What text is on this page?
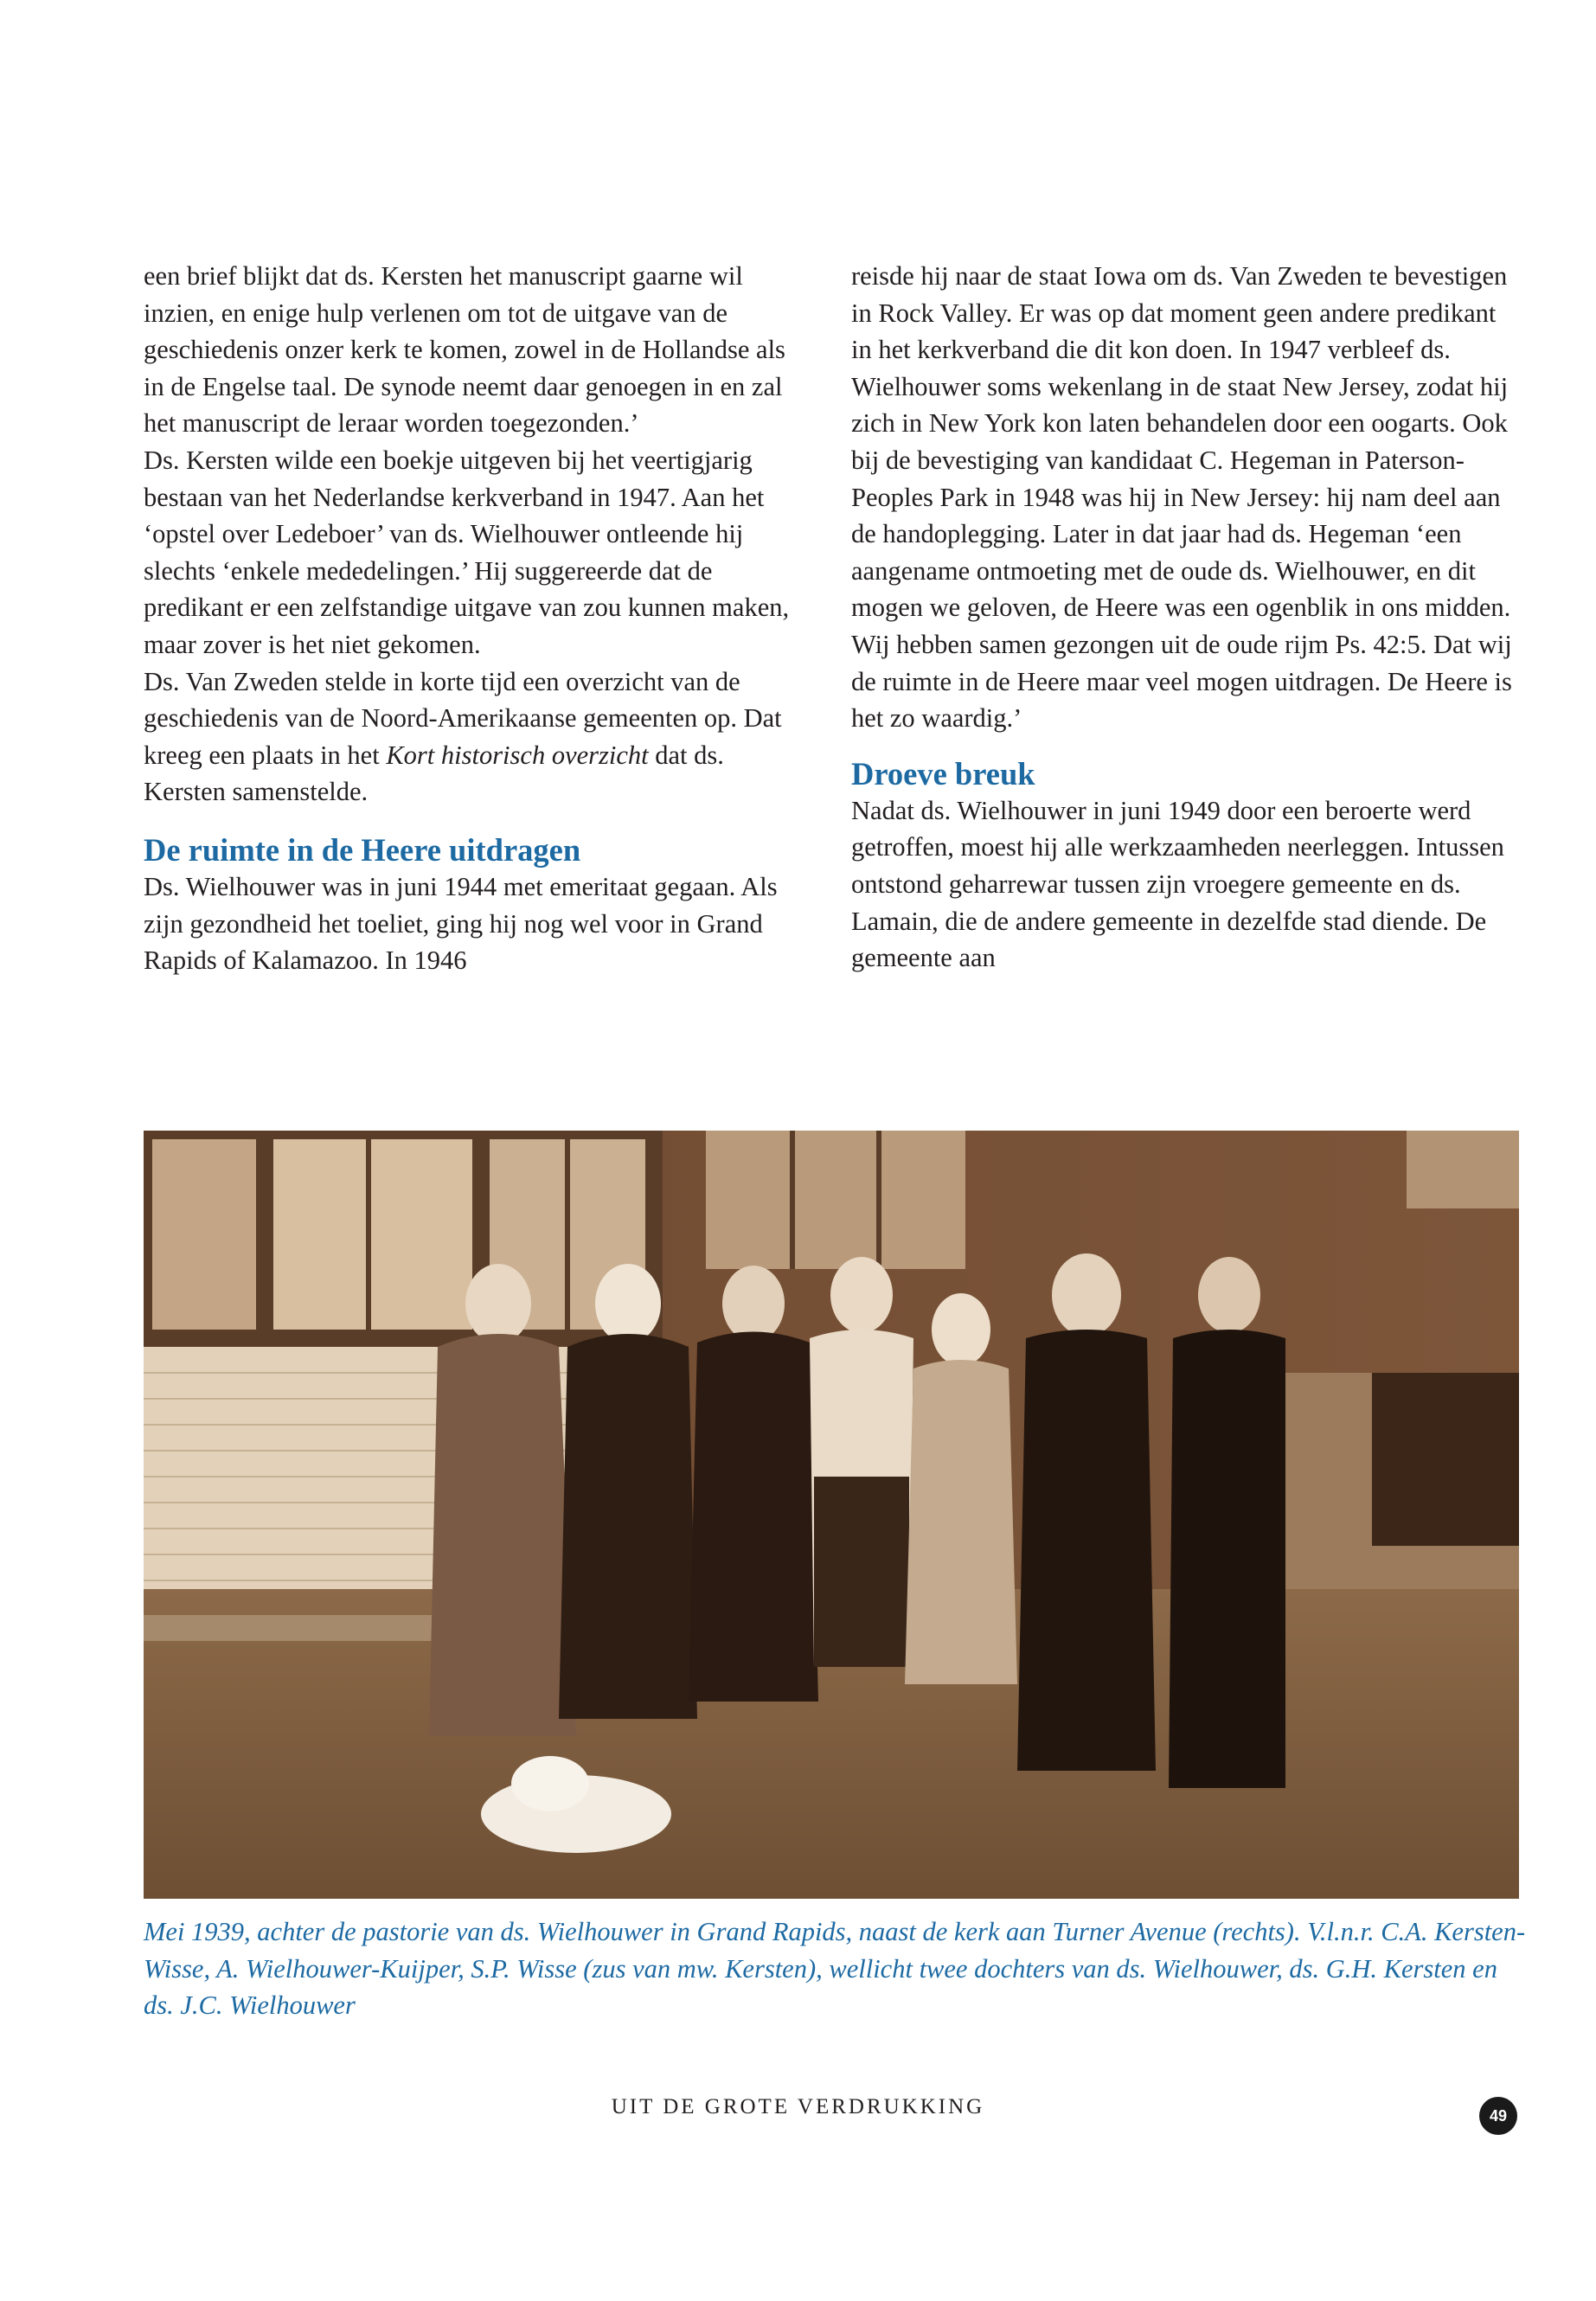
een brief blijkt dat ds. Kersten het manuscript gaarne wil inzien, en enige hulp verlenen om tot de uitgave van de geschiedenis onzer kerk te komen, zowel in de Hollandse als in de Engelse taal. De synode neemt daar genoegen in en zal het manuscript de leraar worden toegezonden.’

Ds. Kersten wilde een boekje uitgeven bij het veertigjarig bestaan van het Nederlandse kerkverband in 1947. Aan het ‘opstel over Ledeboer’ van ds. Wielhouwer ontleende hij slechts ‘enkele mededelingen.’ Hij suggereerde dat de predikant er een zelfstandige uitgave van zou kunnen maken, maar zover is het niet gekomen.

Ds. Van Zweden stelde in korte tijd een overzicht van de geschiedenis van de Noord-Amerikaanse gemeenten op. Dat kreeg een plaats in het Kort historisch overzicht dat ds. Kersten samenstelde.

De ruimte in de Heere uitdragen

Ds. Wielhouwer was in juni 1944 met emeritaat gegaan. Als zijn gezondheid het toeliet, ging hij nog wel voor in Grand Rapids of Kalamazoo. In 1946

reisde hij naar de staat Iowa om ds. Van Zweden te bevestigen in Rock Valley. Er was op dat moment geen andere predikant in het kerkverband die dit kon doen. In 1947 verbleef ds. Wielhouwer soms wekenlang in de staat New Jersey, zodat hij zich in New York kon laten behandelen door een oogarts. Ook bij de bevestiging van kandidaat C. Hegeman in Paterson-Peoples Park in 1948 was hij in New Jersey: hij nam deel aan de handoplegging. Later in dat jaar had ds. Hegeman ‘een aangename ontmoeting met de oude ds. Wielhouwer, en dit mogen we geloven, de Heere was een ogenblik in ons midden. Wij hebben samen gezongen uit de oude rijm Ps. 42:5. Dat wij de ruimte in de Heere maar veel mogen uitdragen. De Heere is het zo waardig.’

Droeve breuk

Nadat ds. Wielhouwer in juni 1949 door een beroerte werd getroffen, moest hij alle werkzaamheden neerleggen. Intussen ontstond geharrewar tussen zijn vroegere gemeente en ds. Lamain, die de andere gemeente in dezelfde stad diende. De gemeente aan

Mei 1939, achter de pastorie van ds. Wielhouwer in Grand Rapids, naast de kerk aan Turner Avenue (rechts). V.l.n.r. C.A. Kersten-Wisse, A. Wielhouwer-Kuijper, S.P. Wisse (zus van mw. Kersten), wellicht twee dochters van ds. Wielhouwer, ds. G.H. Kersten en ds. J.C. Wielhouwer

UIT DE GROTE VERDRUKKING	49
